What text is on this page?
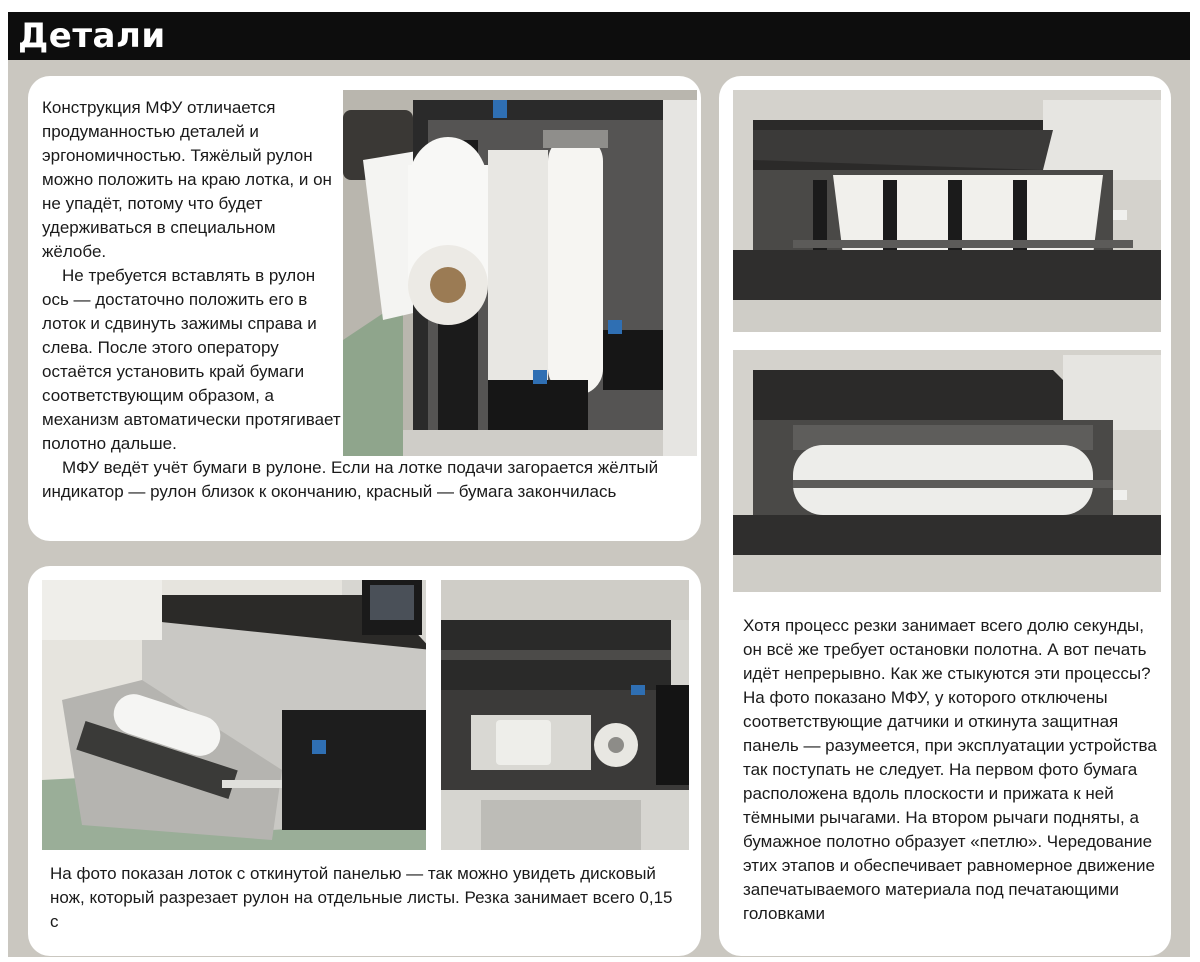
Детали

Конструкция МФУ отличается продуманностью деталей и эргономичностью. Тяжёлый рулон можно положить на краю лотка, и он не упадёт, потому что будет удерживаться в специальном жёлобе.

Не требуется вставлять в рулон ось — достаточно положить его в лоток и сдвинуть зажимы справа и слева. После этого оператору остаётся установить край бумаги соответствующим образом, а механизм автоматически протягивает полотно дальше.

МФУ ведёт учёт бумаги в рулоне. Если на лотке подачи загорается жёлтый индикатор — рулон близок к окончанию, красный — бумага закончилась

На фото показан лоток с откинутой панелью — так можно увидеть дисковый нож, который разрезает рулон на отдельные листы. Резка занимает всего 0,15 с

Хотя процесс резки занимает всего долю секунды, он всё же требует остановки полотна. А вот печать идёт непрерывно. Как же стыкуются эти процессы? На фото показано МФУ, у которого отключены соответствующие датчики и откинута защитная панель — разумеется, при эксплуатации устройства так поступать не следует. На первом фото бумага расположена вдоль плоскости и прижата к ней тёмными рычагами. На втором рычаги подняты, а бумажное полотно образует «петлю». Чередование этих этапов и обеспечивает равномерное движение запечатываемого материала под печатающими головками
